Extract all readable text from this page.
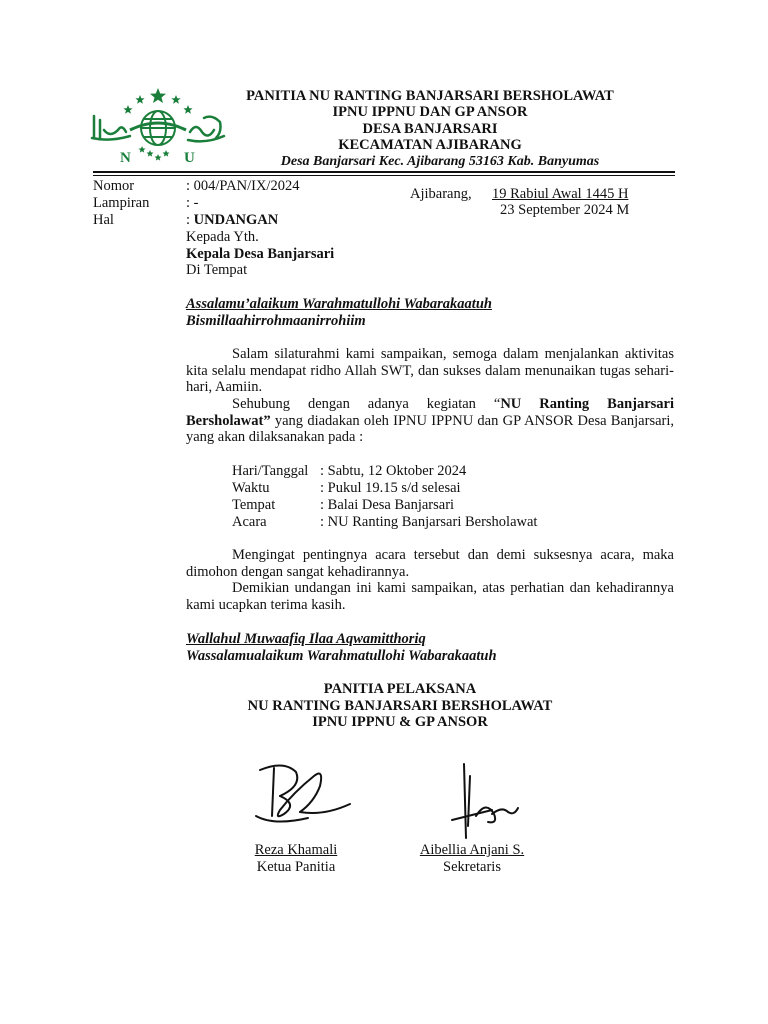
N	U
PANITIA NU RANTING BANJARSARI BERSHOLAWAT
IPNU IPPNU DAN GP ANSOR
DESA BANJARSARI
KECAMATAN AJIBARANG
Desa Banjarsari Kec. Ajibarang 53163 Kab. Banyumas
Nomor	: 004/PAN/IX/2024
Lampiran	: -
Hal	: UNDANGAN
Ajibarang, 19 Rabiul Awal 1445 H
23 September 2024 M
Kepada Yth.
Kepala Desa Banjarsari
Di Tempat
Assalamu’alaikum Warahmatullohi Wabarakaatuh
Bismillaahirrohmaanirrohiim
Salam silaturahmi kami sampaikan, semoga dalam menjalankan aktivitas kita selalu mendapat ridho Allah SWT, dan sukses dalam menunaikan tugas sehari-hari, Aamiin.
Sehubung dengan adanya kegiatan “NU Ranting Banjarsari Bersholawat” yang diadakan oleh IPNU IPPNU dan GP ANSOR Desa Banjarsari, yang akan dilaksanakan pada :
Hari/Tanggal : Sabtu, 12 Oktober 2024
Waktu	: Pukul 19.15 s/d selesai
Tempat	: Balai Desa Banjarsari
Acara	: NU Ranting Banjarsari Bersholawat
Mengingat pentingnya acara tersebut dan demi suksesnya acara, maka dimohon dengan sangat kehadirannya.
Demikian undangan ini kami sampaikan, atas perhatian dan kehadirannya kami ucapkan terima kasih.
Wallahul Muwaafiq Ilaa Aqwamitthoriq
Wassalamualaikum Warahmatullohi Wabarakaatuh
PANITIA PELAKSANA
NU RANTING BANJARSARI BERSHOLAWAT
IPNU IPPNU & GP ANSOR
Reza Khamali
Ketua Panitia
Aibellia Anjani S.
Sekretaris
